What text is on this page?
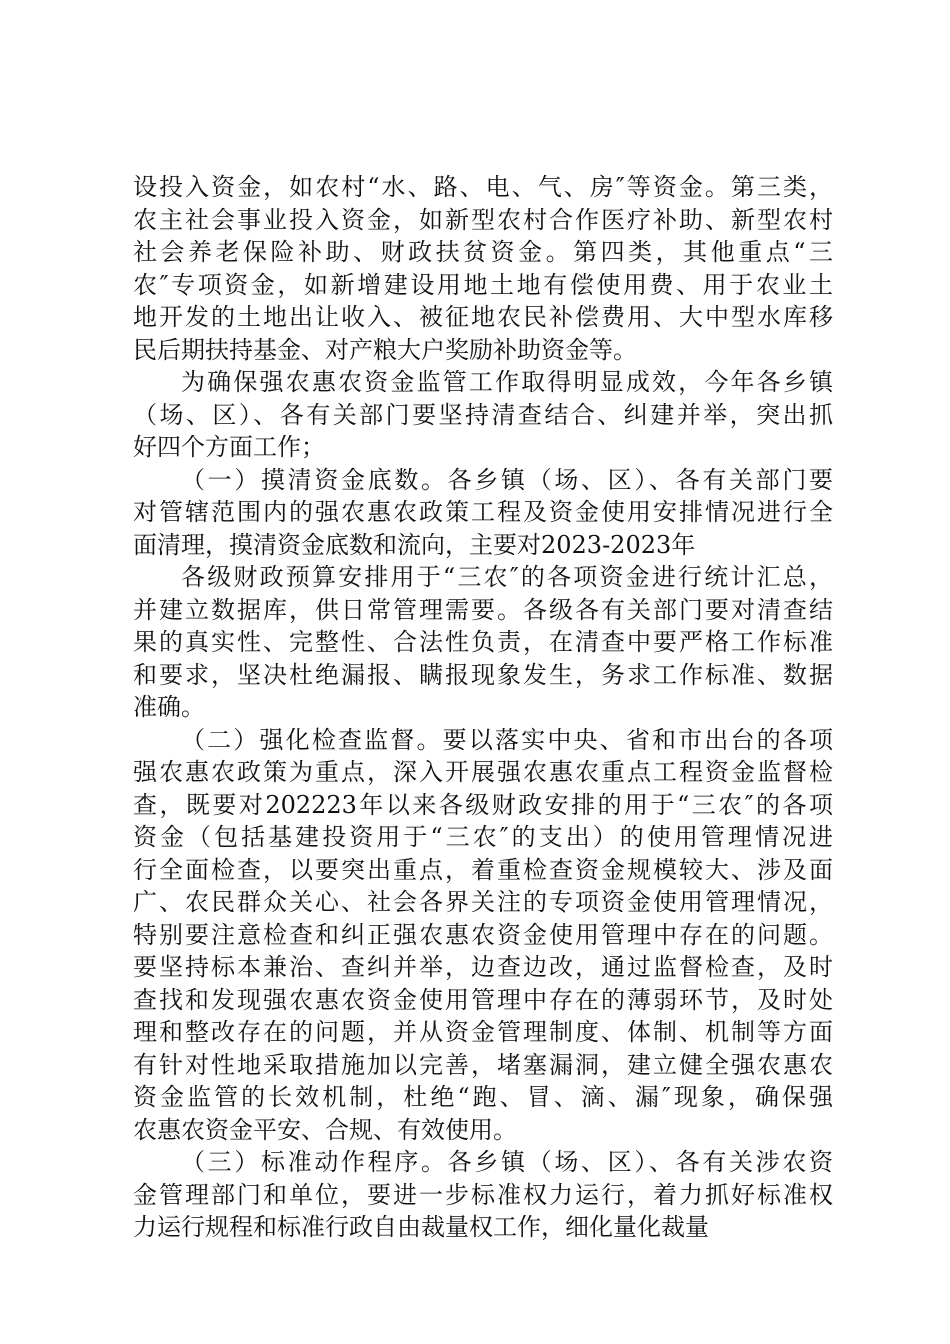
设投入资金，如农村“水、路、电、气、房″等资金。第三类，
农主社会事业投入资金，如新型农村合作医疗补助、新型农村
社会养老保险补助、财政扶贫资金。第四类，其他重点“三
农″专项资金，如新增建设用地土地有偿使用费、用于农业土
地开发的土地出让收入、被征地农民补偿费用、大中型水库移
民后期扶持基金、对产粮大户奖励补助资金等。
为确保强农惠农资金监管工作取得明显成效，今年各乡镇
（场、区）、各有关部门要坚持清查结合、纠建并举，突出抓
好四个方面工作；
（一）摸清资金底数。各乡镇（场、区）、各有关部门要
对管辖范围内的强农惠农政策工程及资金使用安排情况进行全
面清理，摸清资金底数和流向，主要对2023-2023年
各级财政预算安排用于“三农″的各项资金进行统计汇总，
并建立数据库，供日常管理需要。各级各有关部门要对清查结
果的真实性、完整性、合法性负责，在清查中要严格工作标准
和要求，坚决杜绝漏报、瞒报现象发生，务求工作标准、数据
准确。
（二）强化检查监督。要以落实中央、省和市出台的各项
强农惠农政策为重点，深入开展强农惠农重点工程资金监督检
查，既要对202223年以来各级财政安排的用于“三农″的各项
资金（包括基建投资用于“三农″的支出）的使用管理情况进
行全面检查，以要突出重点，着重检查资金规模较大、涉及面
广、农民群众关心、社会各界关注的专项资金使用管理情况，
特别要注意检查和纠正强农惠农资金使用管理中存在的问题。
要坚持标本兼治、查纠并举，边查边改，通过监督检查，及时
查找和发现强农惠农资金使用管理中存在的薄弱环节，及时处
理和整改存在的问题，并从资金管理制度、体制、机制等方面
有针对性地采取措施加以完善，堵塞漏洞，建立健全强农惠农
资金监管的长效机制，杜绝“跑、冒、滴、漏″现象，确保强
农惠农资金平安、合规、有效使用。
（三）标准动作程序。各乡镇（场、区）、各有关涉农资
金管理部门和单位，要进一步标准权力运行，着力抓好标准权
力运行规程和标准行政自由裁量权工作，细化量化裁量
